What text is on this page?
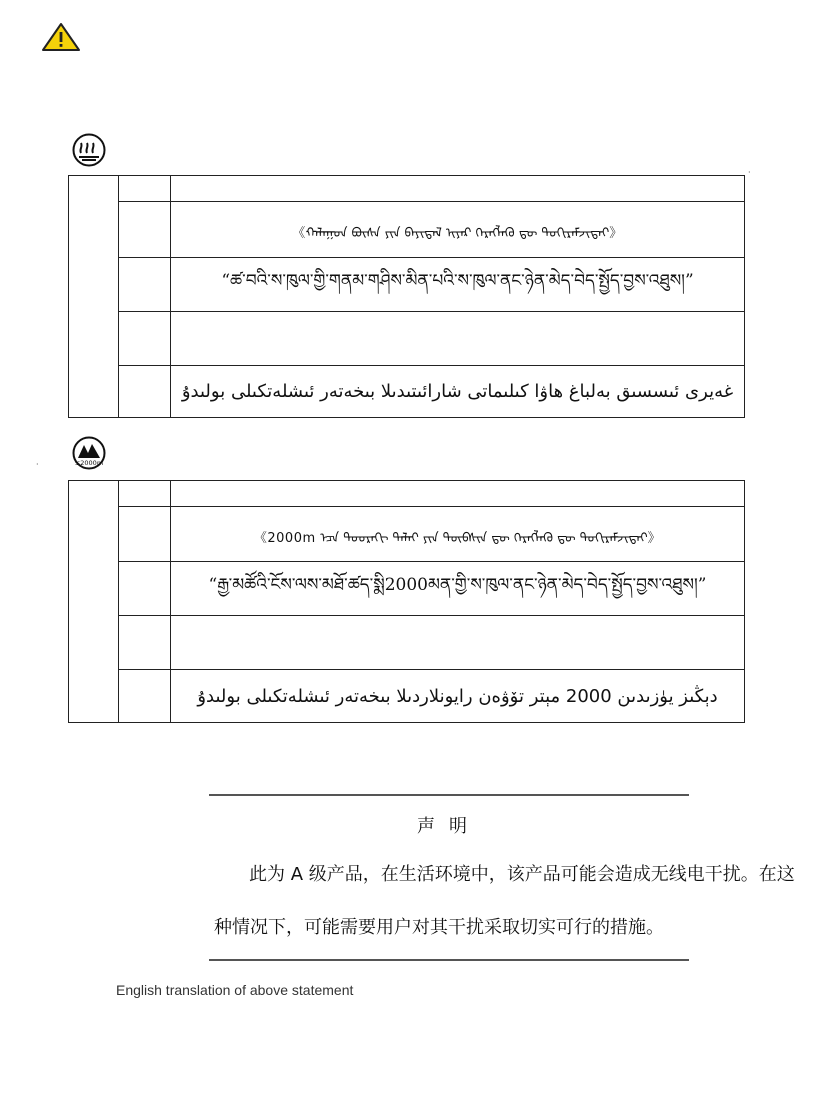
·

		《ᠬᠠᠯᠠᠭᠤᠨ ᠪᠦᠰᠡ ᠶᠢᠨ ᠪᠠᠶᠢᠳᠠᠯ ᠢᠶᠠᠷ ᠬᠡᠷᠡᠭᠯᠡᠬᠦ ᠳᠦ ᠲᠣᠬᠢᠷᠠᠮᠵᠢᠲᠠᠢ》
		“ཚ་བའི་ས་ཁུལ་གྱི་གནམ་གཤིས་མིན་པའི་ས་ཁུལ་ནང་ཉེན་མེད་བེད་སྤྱོད་བྱས་འཐུས།”

		غەيرى ئىسسىق بەلباغ ھاۋا كىلىماتى شارائىتىدىلا بىخەتەر ئىشلەتكىلى بولىدۇ
≤2000m
·

		《2000m ᠡᠴᠡ ᠳᠣᠣᠷᠠᠬᠢ ᠳᠠᠯᠠᠢ ᠶᠢᠨ ᠲᠦᠪᠰᠢᠨ ᠳᠦ ᠬᠡᠷᠡᠭᠯᠡᠬᠦ ᠳᠦ ᠲᠣᠬᠢᠷᠠᠮᠵᠢᠲᠠᠢ》
		“རྒྱ་མཚོའི་ངོས་ལས་མཐོ་ཚད་སྨི2000མན་གྱི་ས་ཁུལ་ནང་ཉེན་མེད་བེད་སྤྱོད་བྱས་འཐུས།”

		دېڭىز يۈزىدىن 2000 مېتر تۆۋەن رايونلاردىلا بىخەتەر ئىشلەتكىلى بولىدۇ
声明
此为 A 级产品，在生活环境中，该产品可能会造成无线电干扰。在这
种情况下，可能需要用户对其干扰采取切实可行的措施。
English translation of above statement
